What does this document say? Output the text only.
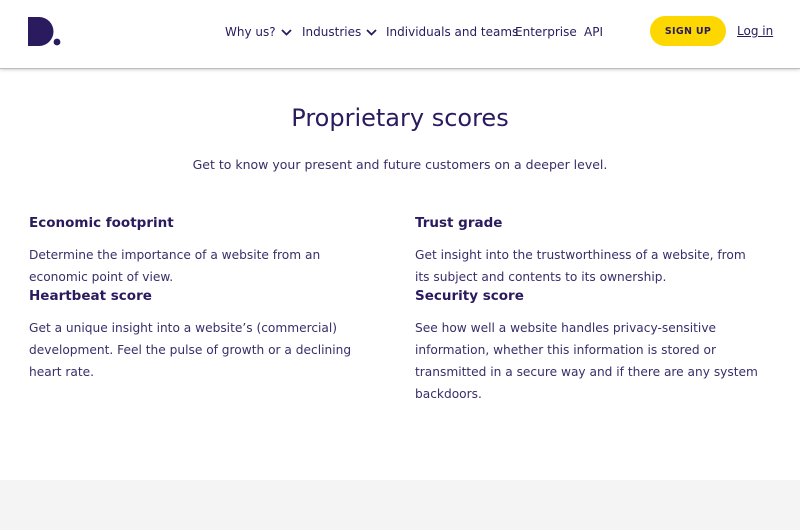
Why us? Industries Individuals and teams
Enterprise API	SIGN UP	Log in
Proprietary scores

Get to know your present and future customers on a deeper level.

Economic footprint

Determine the importance of a website from an economic point of view.

Trust grade

Get insight into the trustworthiness of a website, from its subject and contents to its ownership.

Heartbeat score

Get a unique insight into a website’s (commercial) development. Feel the pulse of growth or a declining heart rate.

Security score

See how well a website handles privacy-sensitive information, whether this information is stored or transmitted in a secure way and if there are any system backdoors.
